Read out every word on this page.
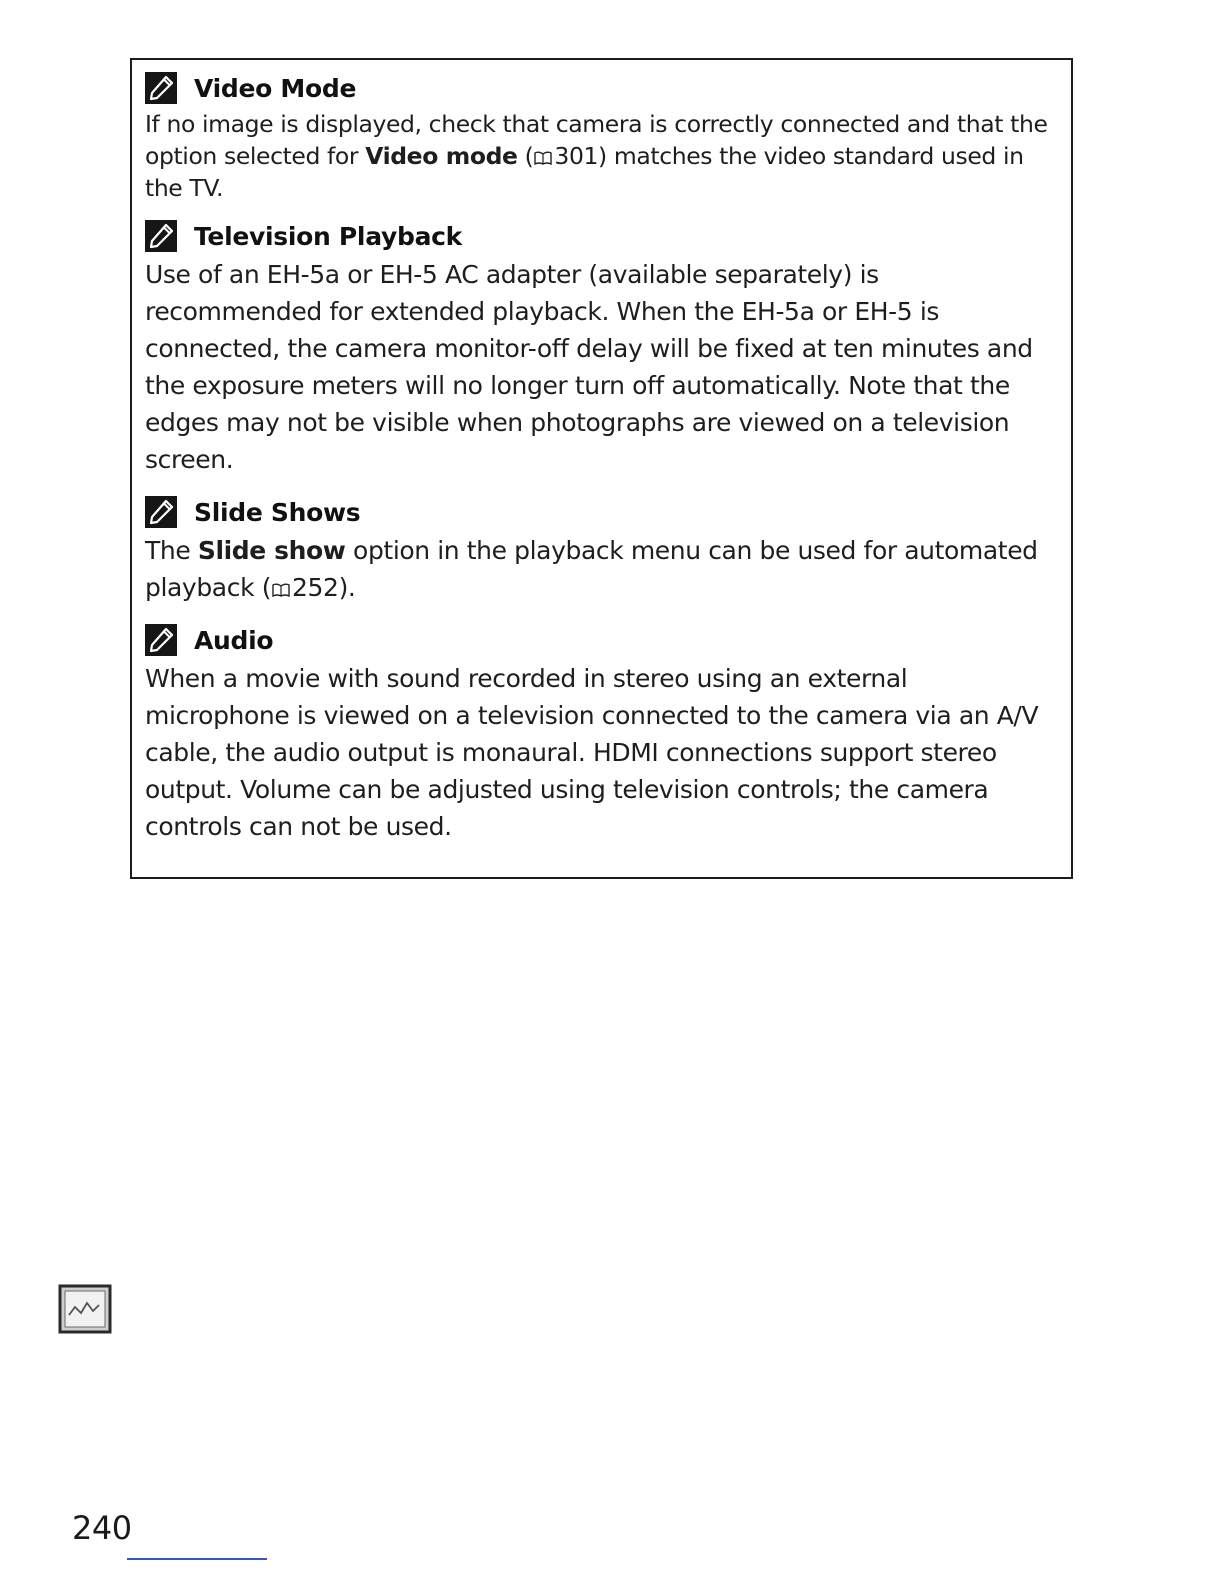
Video Mode

If no image is displayed, check that camera is correctly connected and that the option selected for Video mode ( 301) matches the video standard used in the TV.

Television Playback

Use of an EH-5a or EH-5 AC adapter (available separately) is recommended for extended playback. When the EH-5a or EH-5 is connected, the camera monitor-off delay will be fixed at ten minutes and the exposure meters will no longer turn off automatically. Note that the edges may not be visible when photographs are viewed on a television screen.

Slide Shows

The Slide show option in the playback menu can be used for automated playback ( 252).

Audio

When a movie with sound recorded in stereo using an external microphone is viewed on a television connected to the camera via an A/V cable, the audio output is monaural. HDMI connections support stereo output. Volume can be adjusted using television controls; the camera controls can not be used.

240
